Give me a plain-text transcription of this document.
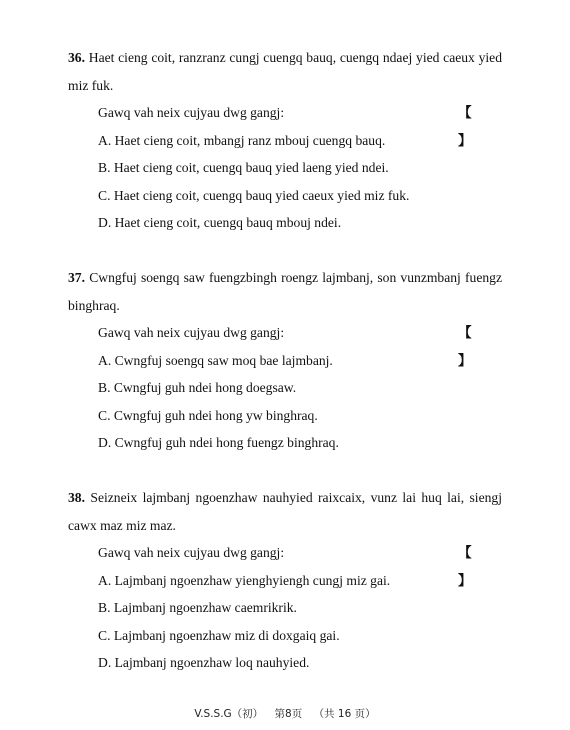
36. Haet cieng coit, ranzranz cungj cuengq bauq, cuengq ndaej yied caeux yied miz fuk.
Gawq vah neix cujyau dwg gangj:	【】
A. Haet cieng coit, mbangj ranz mbouj cuengq bauq.
B. Haet cieng coit, cuengq bauq yied laeng yied ndei.
C. Haet cieng coit, cuengq bauq yied caeux yied miz fuk.
D. Haet cieng coit, cuengq bauq mbouj ndei.
37. Cwngfuj soengq saw fuengzbingh roengz lajmbanj, son vunzmbanj fuengz binghraq.
Gawq vah neix cujyau dwg gangj:	【】
A. Cwngfuj soengq saw moq bae lajmbanj.
B. Cwngfuj guh ndei hong doegsaw.
C. Cwngfuj guh ndei hong yw binghraq.
D. Cwngfuj guh ndei hong fuengz binghraq.
38. Seizneix lajmbanj ngoenzhaw nauhyied raixcaix, vunz lai huq lai, siengj cawx maz miz maz.
Gawq vah neix cujyau dwg gangj:	【】
A. Lajmbanj ngoenzhaw yienghyiengh cungj miz gai.
B. Lajmbanj ngoenzhaw caemrikrik.
C. Lajmbanj ngoenzhaw miz di doxgaiq gai.
D. Lajmbanj ngoenzhaw loq nauhyied.
V.S.S.G（初） 第8页 （共 16 页）
